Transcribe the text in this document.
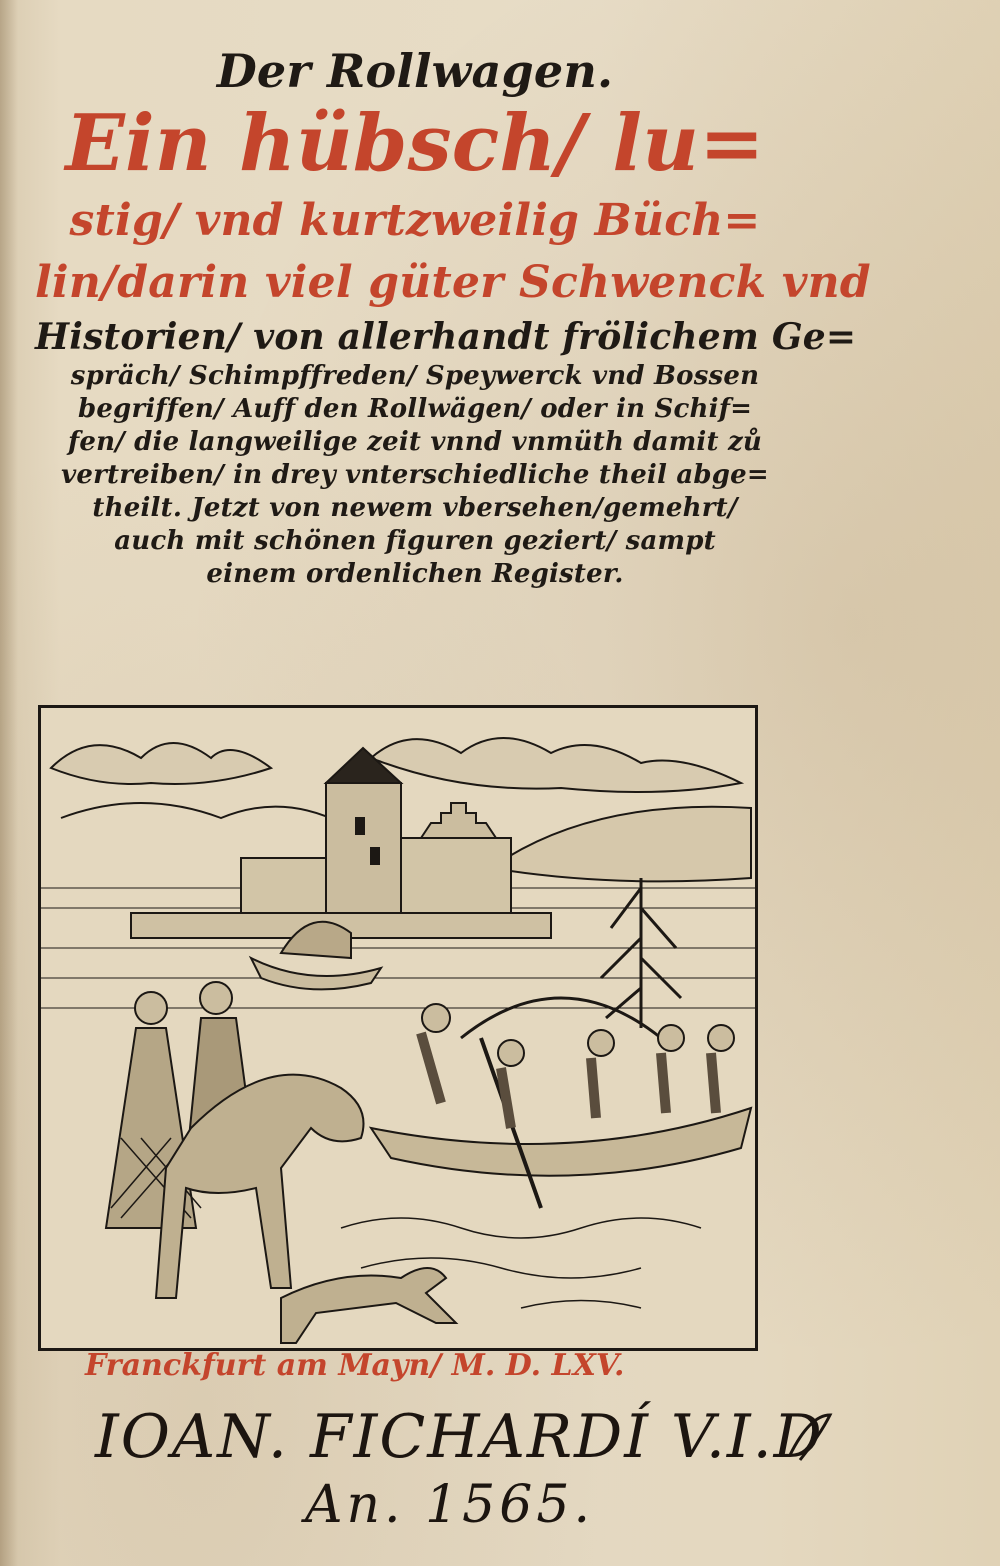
Der Rollwagen.
Ein hübsch/ lu=
stig/ vnd kurtzweilig Büch=
lin/darin viel güter Schwenck vnd
Historien/ von allerhandt frölichem Ge=
spräch/ Schimpffreden/ Speywerck vnd Bossen
begriffen/ Auff den Rollwägen/ oder in Schif=
fen/ die langweilige zeit vnnd vnmüth damit zů
vertreiben/ in drey vnterschiedliche theil abge=
theilt. Jetzt von newem vbersehen/gemehrt/
auch mit schönen figuren geziert/ sampt
einem ordenlichen Register.
Franckfurt am Mayn/ M. D. LXV.
IOAN. FICHARDÍ V.I.D
An. 1565.
